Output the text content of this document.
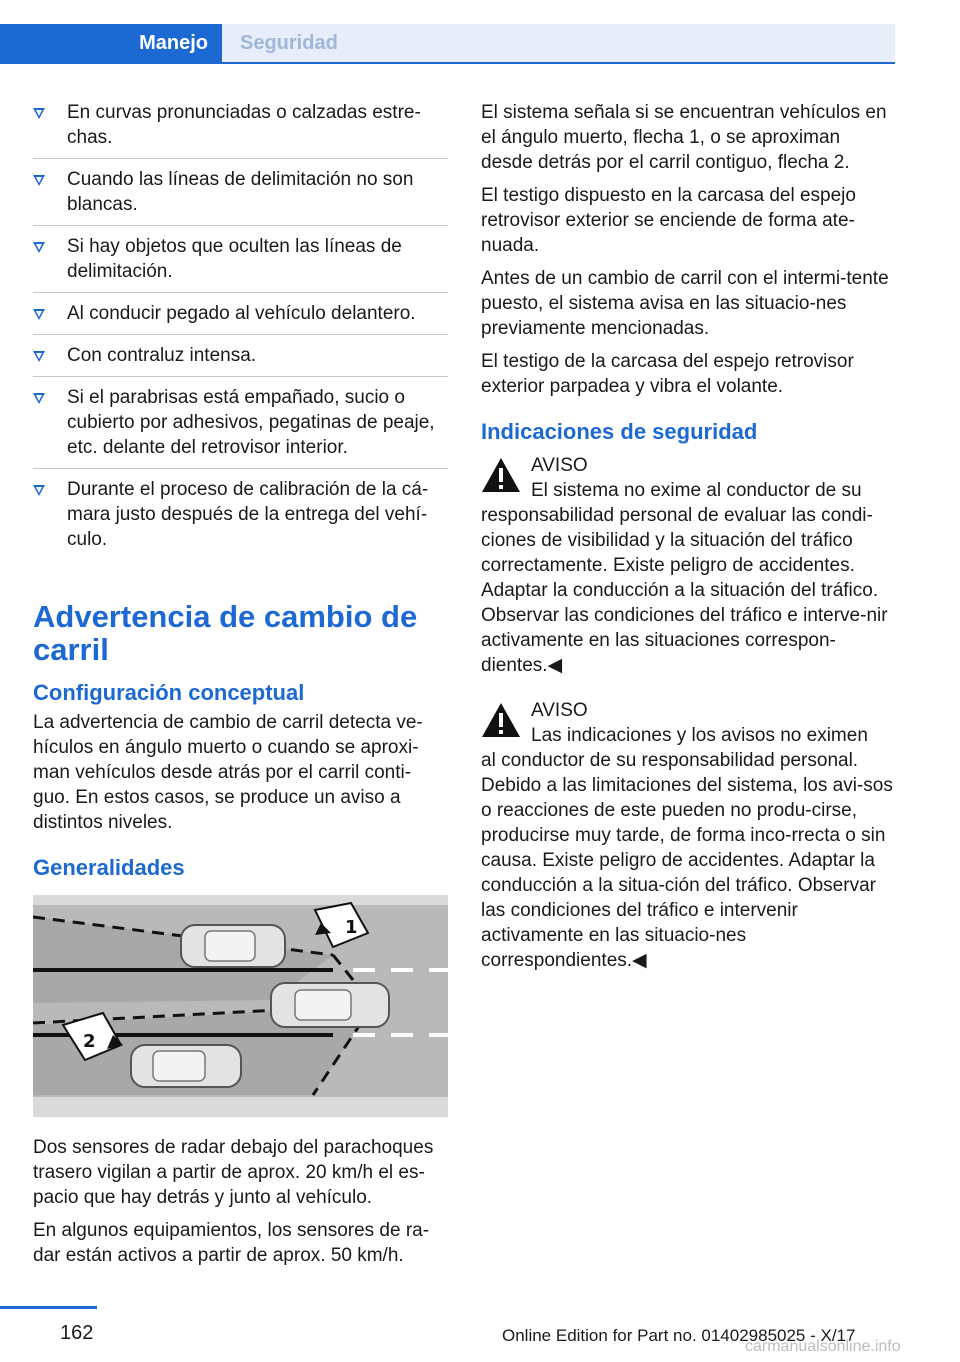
Manejo	Seguridad
En curvas pronunciadas o calzadas estre‐chas.
Cuando las líneas de delimitación no son blancas.
Si hay objetos que oculten las líneas de delimitación.
Al conducir pegado al vehículo delantero.
Con contraluz intensa.
Si el parabrisas está empañado, sucio o cubierto por adhesivos, pegatinas de peaje, etc. delante del retrovisor interior.
Durante el proceso de calibración de la cá‐mara justo después de la entrega del vehí‐culo.
Advertencia de cambio de carril
Configuración conceptual

La advertencia de cambio de carril detecta ve‐hículos en ángulo muerto o cuando se aproxi‐man vehículos desde atrás por el carril conti‐guo. En estos casos, se produce un aviso a distintos niveles.

Generalidades
1
2

Dos sensores de radar debajo del parachoques trasero vigilan a partir de aprox. 20 km/h el es‐pacio que hay detrás y junto al vehículo.

En algunos equipamientos, los sensores de ra‐dar están activos a partir de aprox. 50 km/h.

El sistema señala si se encuentran vehículos en el ángulo muerto, flecha 1, o se aproximan desde detrás por el carril contiguo, flecha 2.

El testigo dispuesto en la carcasa del espejo retrovisor exterior se enciende de forma ate‐nuada.

Antes de un cambio de carril con el intermi‐tente puesto, el sistema avisa en las situacio‐nes previamente mencionadas.

El testigo de la carcasa del espejo retrovisor exterior parpadea y vibra el volante.

Indicaciones de seguridad
AVISO
El sistema no exime al conductor de su

responsabilidad personal de evaluar las condi‐ciones de visibilidad y la situación del tráfico correctamente. Existe peligro de accidentes. Adaptar la conducción a la situación del tráfico. Observar las condiciones del tráfico e interve‐nir activamente en las situaciones correspon‐dientes.◀

AVISO
Las indicaciones y los avisos no eximen

al conductor de su responsabilidad personal. Debido a las limitaciones del sistema, los avi‐sos o reacciones de este pueden no produ‐cirse, producirse muy tarde, de forma inco‐rrecta o sin causa. Existe peligro de accidentes. Adaptar la conducción a la situa‐ción del tráfico. Observar las condiciones del tráfico e intervenir activamente en las situacio‐nes correspondientes.◀

162	Online Edition for Part no. 01402985025 - X/17
carmanualsonline.info
